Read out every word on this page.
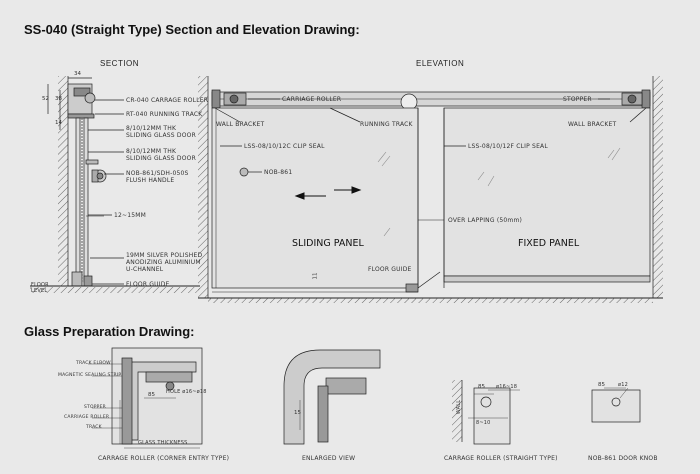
SS-040 (Straight Type) Section and Elevation Drawing:
SECTION	ELEVATION
34
52 38
14
CR-040 CARRAGE ROLLER
RT-040 RUNNING TRACK
8/10/12MM THK
SLIDING GLASS DOOR
8/10/12MM THK
SLIDING GLASS DOOR
NOB-861/SDH-050S
FLUSH HANDLE
12~15MM
19MM SILVER POLISHED
ANODIZING ALUMINIUM
U-CHANNEL
FLOOR GUIDE
FLOOR
LEVEL
CARRIAGE ROLLER	STOPPER
WALL BRACKET	RUNNING TRACK	WALL BRACKET
LSS-08/10/12C CLIP SEAL	LSS-08/10/12F CLIP SEAL
NOB-861
OVER LAPPING (50mm)
FLOOR GUIDE
11
SLIDING PANEL	FIXED PANEL
Glass Preparation Drawing:
TRACK ELBOW
MAGNETIC SEALING STRIP
STOPPER
CARRIAGE ROLLER
TRACK
HOLE ø16~ø18
85
GLASS THICKNESS
15
85 ø16~18
8~10
WALL
85	ø12
CARRAGE ROLLER (CORNER ENTRY TYPE)	ENLARGED VIEW	CARRAGE ROLLER (STRAIGHT TYPE)	NOB-861 DOOR KNOB
